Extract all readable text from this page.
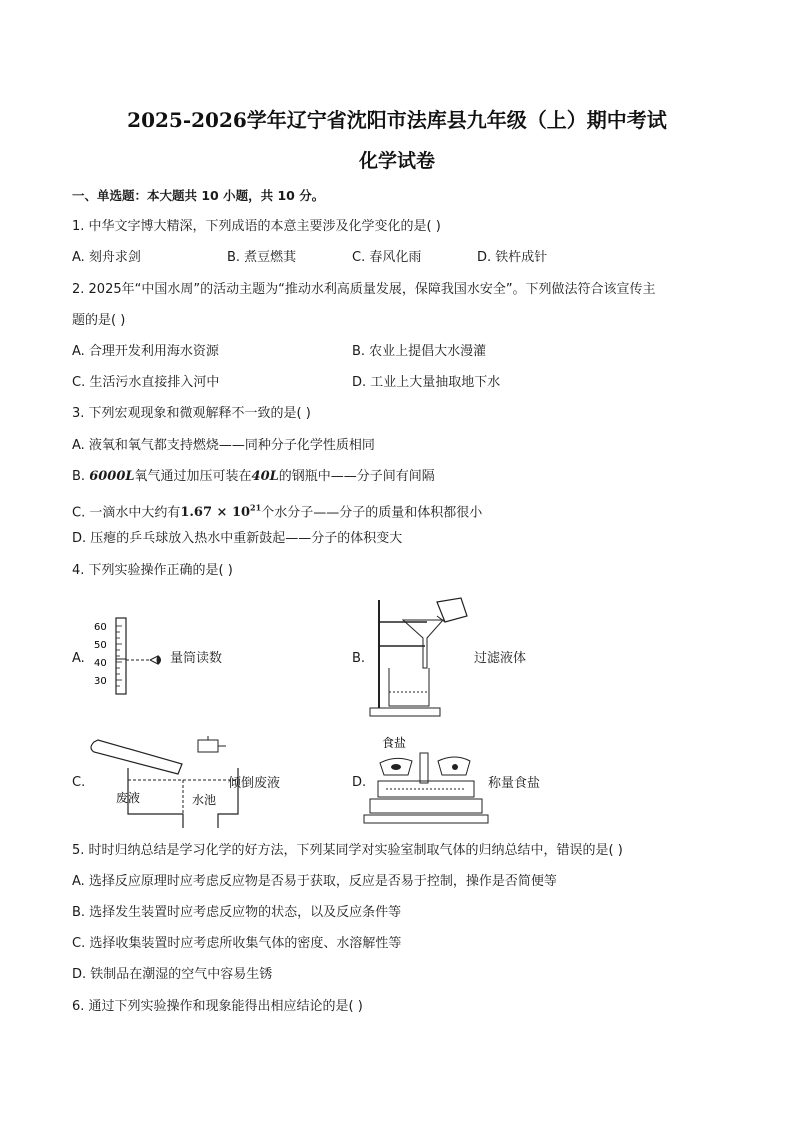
2025-2026学年辽宁省沈阳市法库县九年级（上）期中考试
化学试卷
一、单选题：本大题共 10 小题，共 10 分。
1. 中华文字博大精深，下列成语的本意主要涉及化学变化的是( )
A. 刻舟求剑	B. 煮豆燃萁	C. 春风化雨	D. 铁杵成针
2. 2025年“中国水周”的活动主题为“推动水利高质量发展，保障我国水安全”。下列做法符合该宣传主
题的是( )
A. 合理开发利用海水资源	B. 农业上提倡大水漫灌
C. 生活污水直接排入河中	D. 工业上大量抽取地下水
3. 下列宏观现象和微观解释不一致的是( )
A. 液氧和氧气都支持燃烧——同种分子化学性质相同
B. 6000L氧气通过加压可装在40L的钢瓶中——分子间有间隔
C. 一滴水中大约有$1.67 \times 10^{21}$个水分子——分子的质量和体积都很小
D. 压瘪的乒乓球放入热水中重新鼓起——分子的体积变大
4. 下列实验操作正确的是( )
A.
60
50
40
30
量筒读数	B.	过滤液体
C.
废液	水池
倾倒废液	D.
食盐
称量食盐
5. 时时归纳总结是学习化学的好方法，下列某同学对实验室制取气体的归纳总结中，错误的是( )
A. 选择反应原理时应考虑反应物是否易于获取，反应是否易于控制，操作是否简便等
B. 选择发生装置时应考虑反应物的状态，以及反应条件等
C. 选择收集装置时应考虑所收集气体的密度、水溶解性等
D. 铁制品在潮湿的空气中容易生锈
6. 通过下列实验操作和现象能得出相应结论的是( )
